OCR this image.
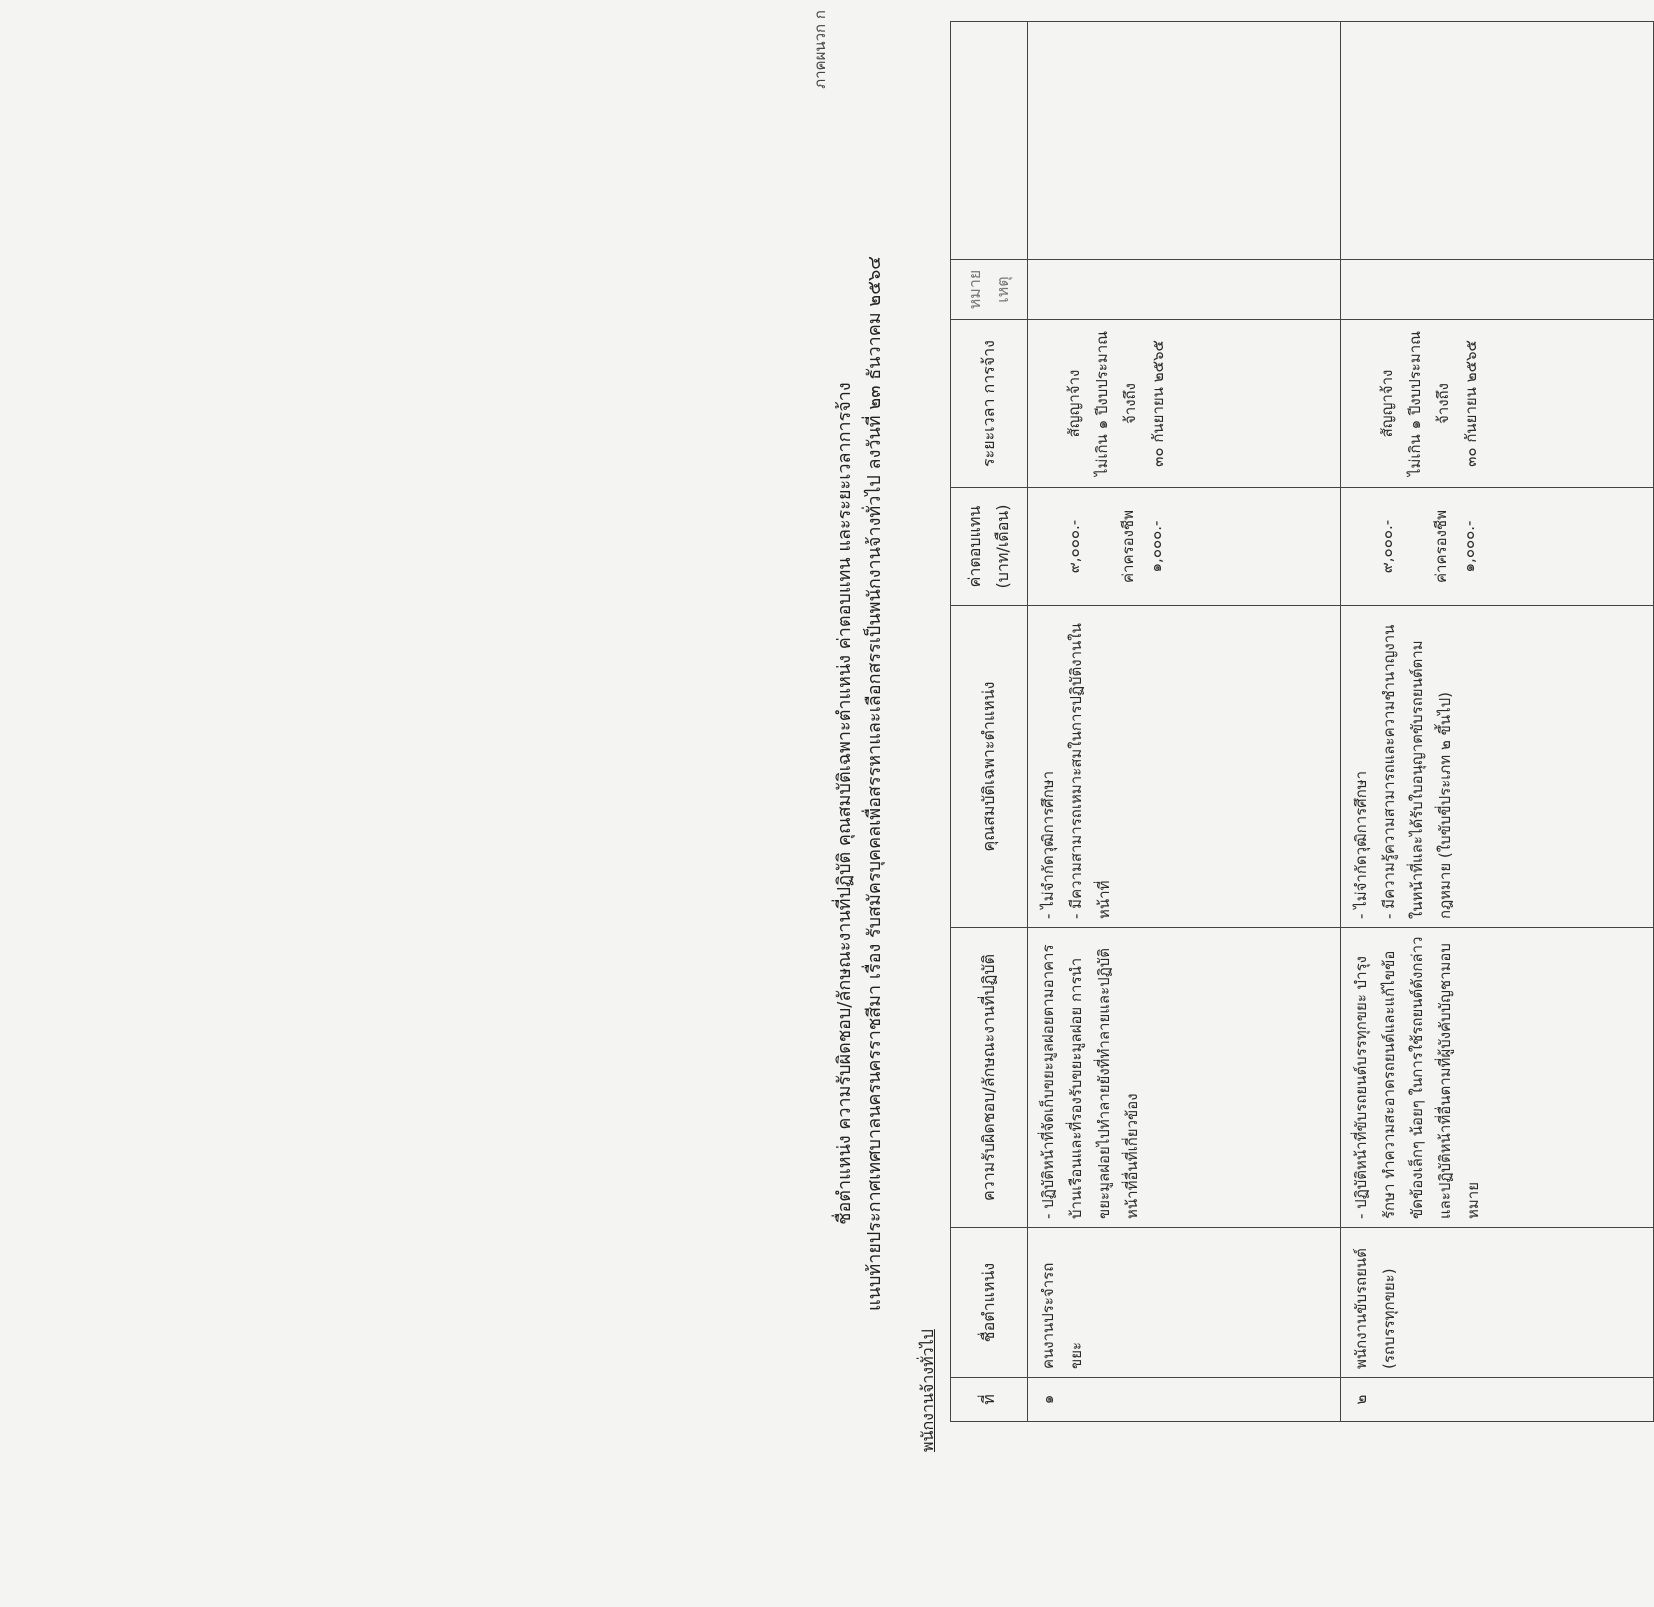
ภาคผนวก ก
ชื่อตำแหน่ง ความรับผิดชอบ/ลักษณะงานที่ปฏิบัติ คุณสมบัติเฉพาะตำแหน่ง ค่าตอบแทน และระยะเวลาการจ้าง แนบท้ายประกาศเทศบาลนครนครราชสีมา เรื่อง รับสมัครบุคคลเพื่อสรรหาและเลือกสรรเป็นพนักงานจ้างทั่วไป ลงวันที่ ๒๓ ธันวาคม ๒๕๖๔
พนักงานจ้างทั่วไป	ที่	ชื่อตำแหน่ง	ความรับผิดชอบ/ลักษณะงานที่ปฏิบัติ	คุณสมบัติเฉพาะตำแหน่ง	ค่าตอบแทน (บาท/เดือน)	ระยะเวลา การจ้าง	หมาย เหตุ	
๑	คนงานประจำรถขยะ	- ปฏิบัติหน้าที่จัดเก็บขยะมูลฝอยตามอาคารบ้านเรือนและที่รองรับขยะมูลฝอย การนำขยะมูลฝอยไปทำลายยังที่ทำลายและปฏิบัติหน้าที่อื่นที่เกี่ยวข้อง	- ไม่จำกัดวุฒิการศึกษา - มีความสามารถเหมาะสมในการปฏิบัติงานในหน้าที่	๙,๐๐๐.- ค่าครองชีพ ๑,๐๐๐.-	สัญญาจ้าง ไม่เกิน ๑ ปีงบประมาณ จ้างถึง ๓๐ กันยายน ๒๕๖๕		

๒	พนักงานขับรถยนต์ (รถบรรทุกขยะ)	- ปฏิบัติหน้าที่ขับรถยนต์บรรทุกขยะ บำรุงรักษา ทำความสะอาดรถยนต์และแก้ไขข้อขัดข้องเล็กๆ น้อยๆ ในการใช้รถยนต์ดังกล่าว และปฏิบัติหน้าที่อื่นตามที่ผู้บังคับบัญชามอบหมาย	- ไม่จำกัดวุฒิการศึกษา - มีความรู้ความสามารถและความชำนาญงานในหน้าที่และได้รับใบอนุญาตขับรถยนต์ตามกฎหมาย (ใบขับขี่ประเภท ๒ ขึ้นไป)	๙,๐๐๐.- ค่าครองชีพ ๑,๐๐๐.-	สัญญาจ้าง ไม่เกิน ๑ ปีงบประมาณ จ้างถึง ๓๐ กันยายน ๒๕๖๕		
